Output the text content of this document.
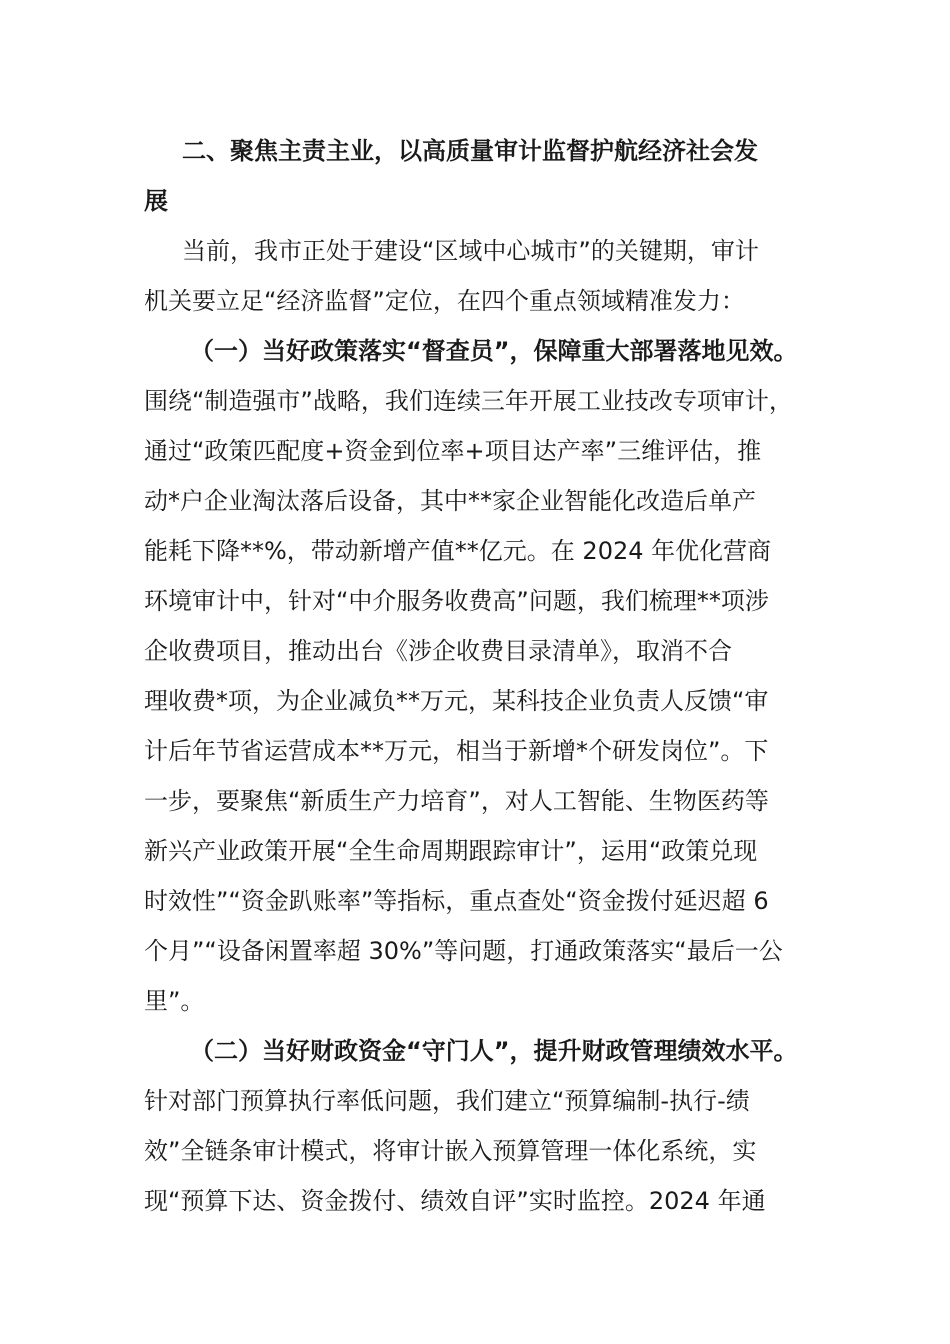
二、聚焦主责主业，以高质量审计监督护航经济社会发
展
当前，我市正处于建设“区域中心城市”的关键期，审计
机关要立足“经济监督”定位，在四个重点领域精准发力：
（一）当好政策落实“督查员”，保障重大部署落地见效。
围绕“制造强市”战略，我们连续三年开展工业技改专项审计，
通过“政策匹配度+资金到位率+项目达产率”三维评估，推
动*户企业淘汰落后设备，其中**家企业智能化改造后单产
能耗下降**%，带动新增产值**亿元。在 2024 年优化营商
环境审计中，针对“中介服务收费高”问题，我们梳理**项涉
企收费项目，推动出台《涉企收费目录清单》，取消不合
理收费*项，为企业减负**万元，某科技企业负责人反馈“审
计后年节省运营成本**万元，相当于新增*个研发岗位”。下
一步，要聚焦“新质生产力培育”，对人工智能、生物医药等
新兴产业政策开展“全生命周期跟踪审计”，运用“政策兑现
时效性”“资金趴账率”等指标，重点查处“资金拨付延迟超 6
个月”“设备闲置率超 30%”等问题，打通政策落实“最后一公
里”。
（二）当好财政资金“守门人”，提升财政管理绩效水平。
针对部门预算执行率低问题，我们建立“预算编制-执行-绩
效”全链条审计模式，将审计嵌入预算管理一体化系统，实
现“预算下达、资金拨付、绩效自评”实时监控。2024 年通
